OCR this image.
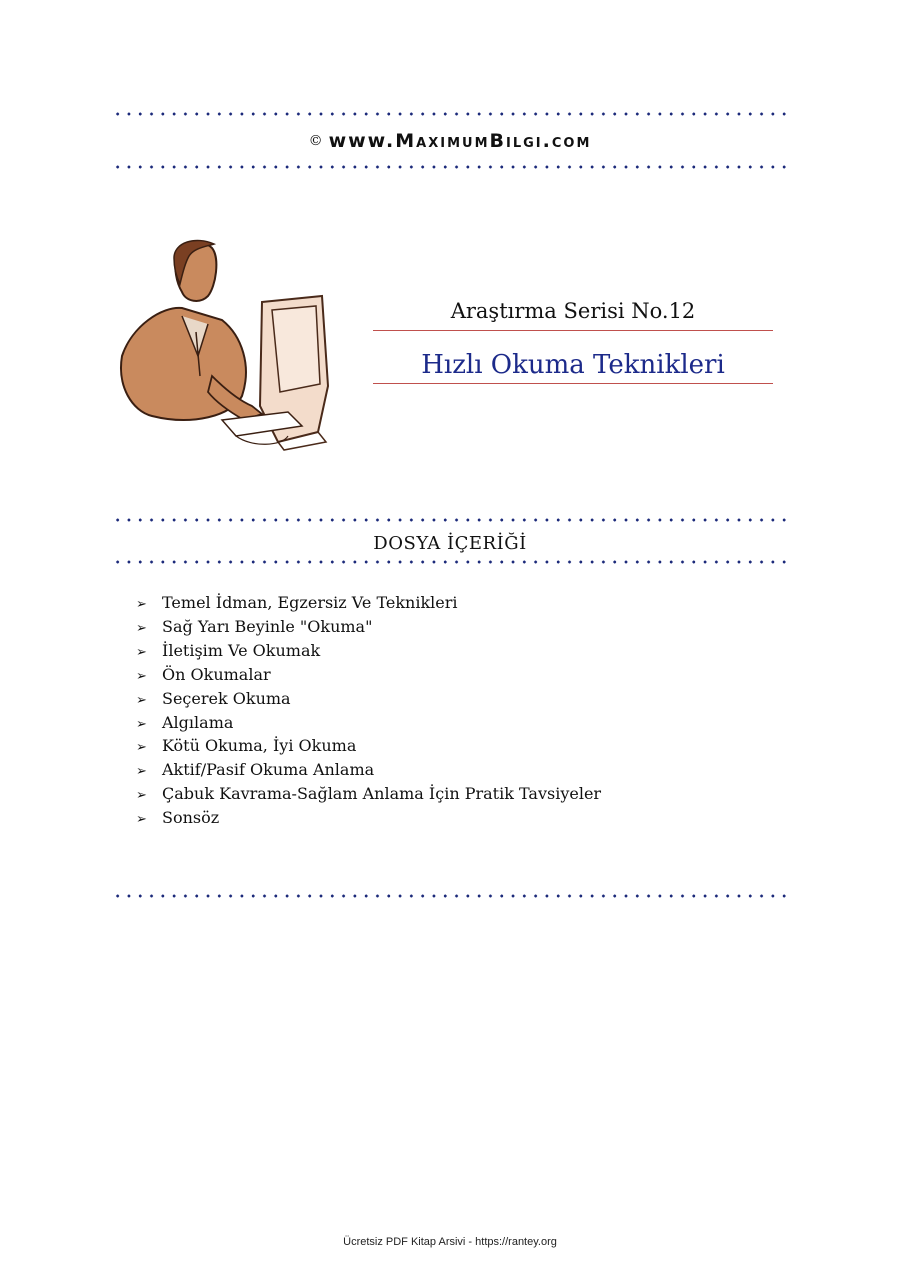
© www.MaximumBilgi.com
Araştırma Serisi No.12
Hızlı Okuma Teknikleri
DOSYA İÇERİĞİ
➢ Temel İdman, Egzersiz Ve Teknikleri
➢ Sağ Yarı Beyinle "Okuma"
➢ İletişim Ve Okumak
➢ Ön Okumalar
➢ Seçerek Okuma
➢ Algılama
➢ Kötü Okuma, İyi Okuma
➢ Aktif/Pasif Okuma Anlama
➢ Çabuk Kavrama-Sağlam Anlama İçin Pratik Tavsiyeler
➢ Sonsöz
Ücretsiz PDF Kitap Arsivi - https://rantey.org
